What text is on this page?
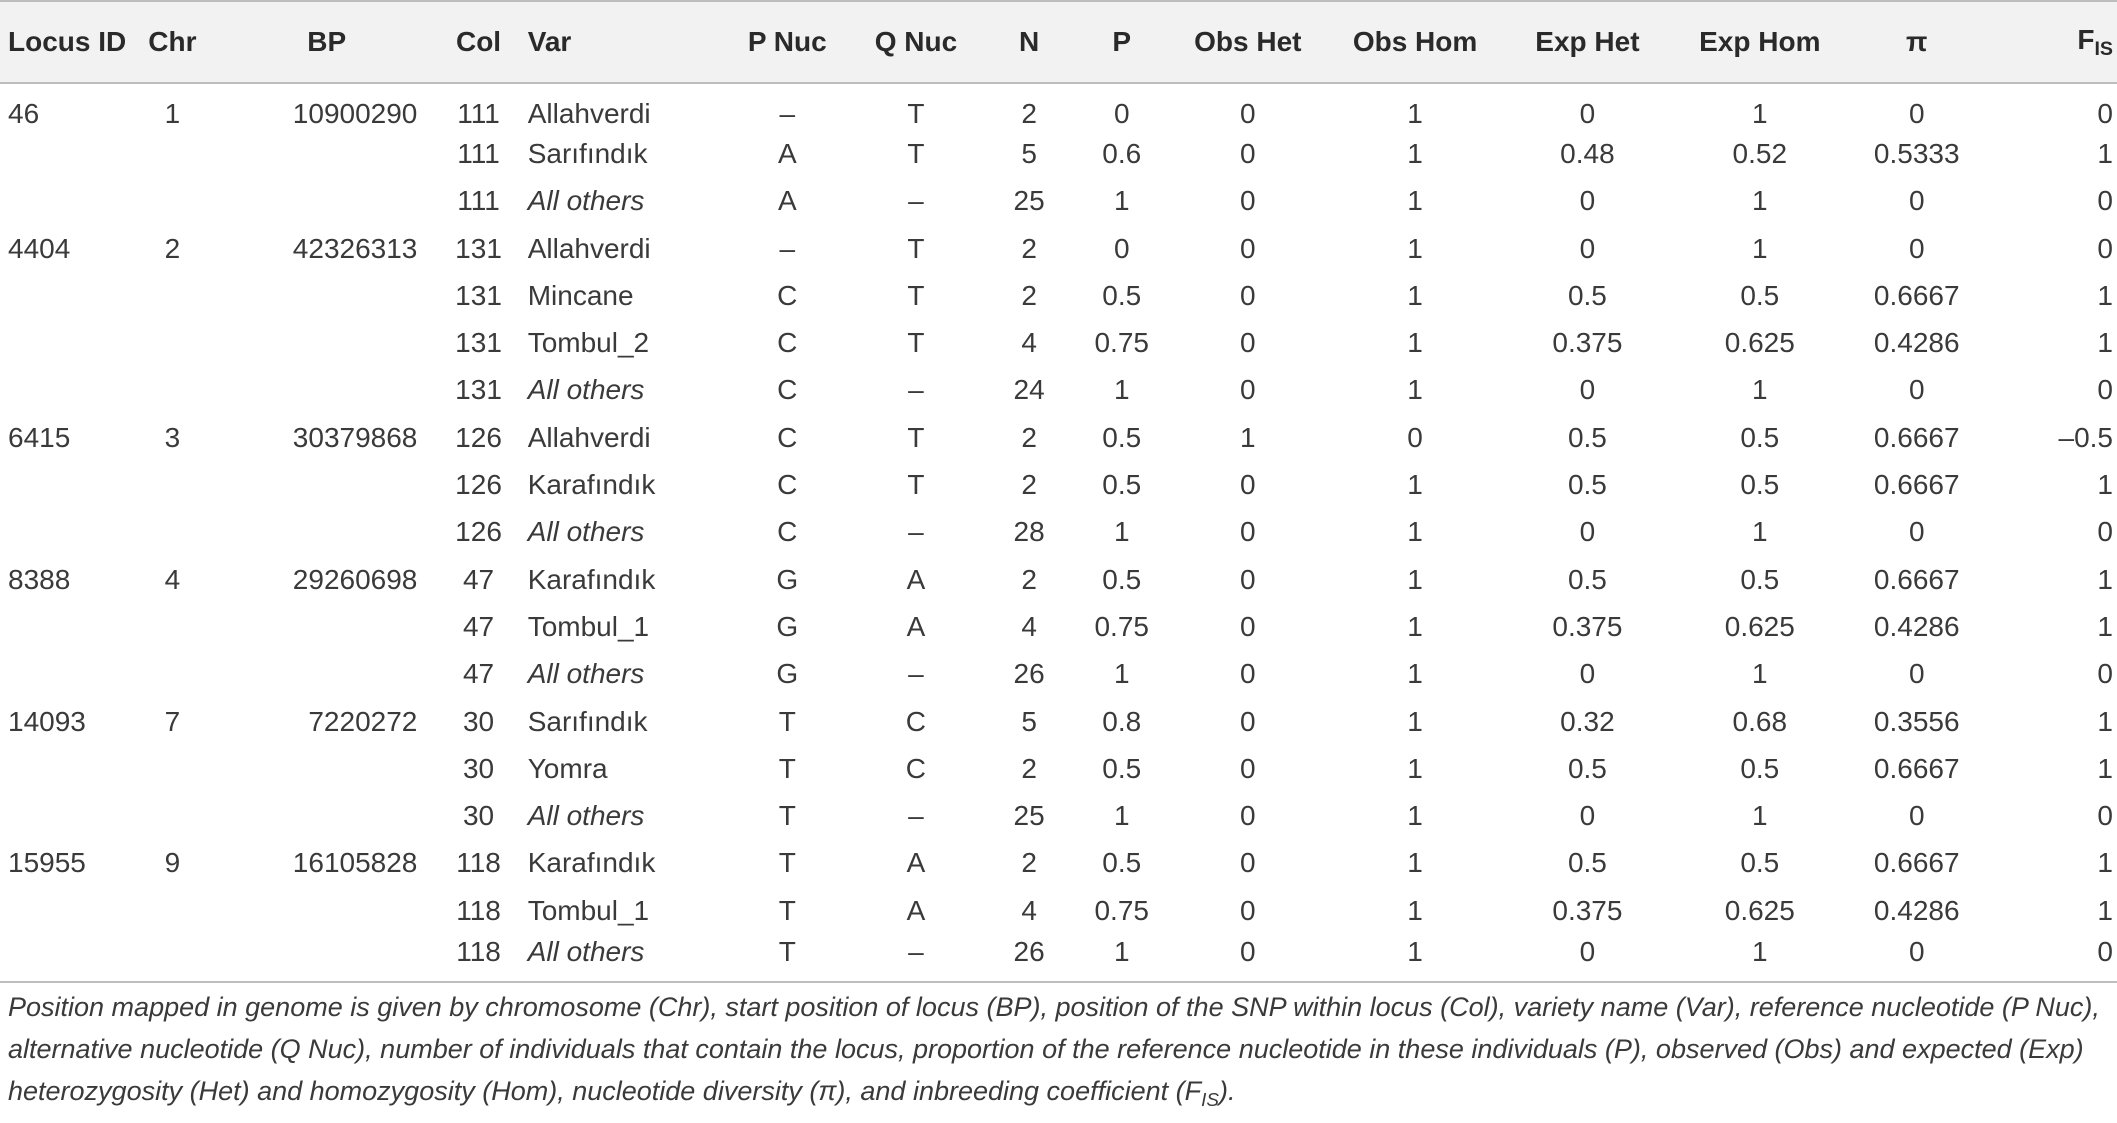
Locus ID	Chr	BP	Col	Var	P Nuc	Q Nuc	N	P	Obs Het	Obs Hom	Exp Het	Exp Hom	π	$F_{IS}$
46	1	10900290	111	Allahverdi	–	T	2	0	0	1	0	1	0	0
			111	Sarıfındık	A	T	5	0.6	0	1	0.48	0.52	0.5333	1
			111	All others	A	–	25	1	0	1	0	1	0	0
4404	2	42326313	131	Allahverdi	–	T	2	0	0	1	0	1	0	0
			131	Mincane	C	T	2	0.5	0	1	0.5	0.5	0.6667	1
			131	Tombul_2	C	T	4	0.75	0	1	0.375	0.625	0.4286	1
			131	All others	C	–	24	1	0	1	0	1	0	0
6415	3	30379868	126	Allahverdi	C	T	2	0.5	1	0	0.5	0.5	0.6667	–0.5
			126	Karafındık	C	T	2	0.5	0	1	0.5	0.5	0.6667	1
			126	All others	C	–	28	1	0	1	0	1	0	0
8388	4	29260698	47	Karafındık	G	A	2	0.5	0	1	0.5	0.5	0.6667	1
			47	Tombul_1	G	A	4	0.75	0	1	0.375	0.625	0.4286	1
			47	All others	G	–	26	1	0	1	0	1	0	0
14093	7	7220272	30	Sarıfındık	T	C	5	0.8	0	1	0.32	0.68	0.3556	1
			30	Yomra	T	C	2	0.5	0	1	0.5	0.5	0.6667	1
			30	All others	T	–	25	1	0	1	0	1	0	0
15955	9	16105828	118	Karafındık	T	A	2	0.5	0	1	0.5	0.5	0.6667	1
			118	Tombul_1	T	A	4	0.75	0	1	0.375	0.625	0.4286	1
			118	All others	T	–	26	1	0	1	0	1	0	0
Position mapped in genome is given by chromosome (Chr), start position of locus (BP), position of the SNP within locus (Col), variety name (Var), reference nucleotide (P Nuc), alternative nucleotide (Q Nuc), number of individuals that contain the locus, proportion of the reference nucleotide in these individuals (P), observed (Obs) and expected (Exp) heterozygosity (Het) and homozygosity (Hom), nucleotide diversity (π), and inbreeding coefficient $(F_{IS})$.
